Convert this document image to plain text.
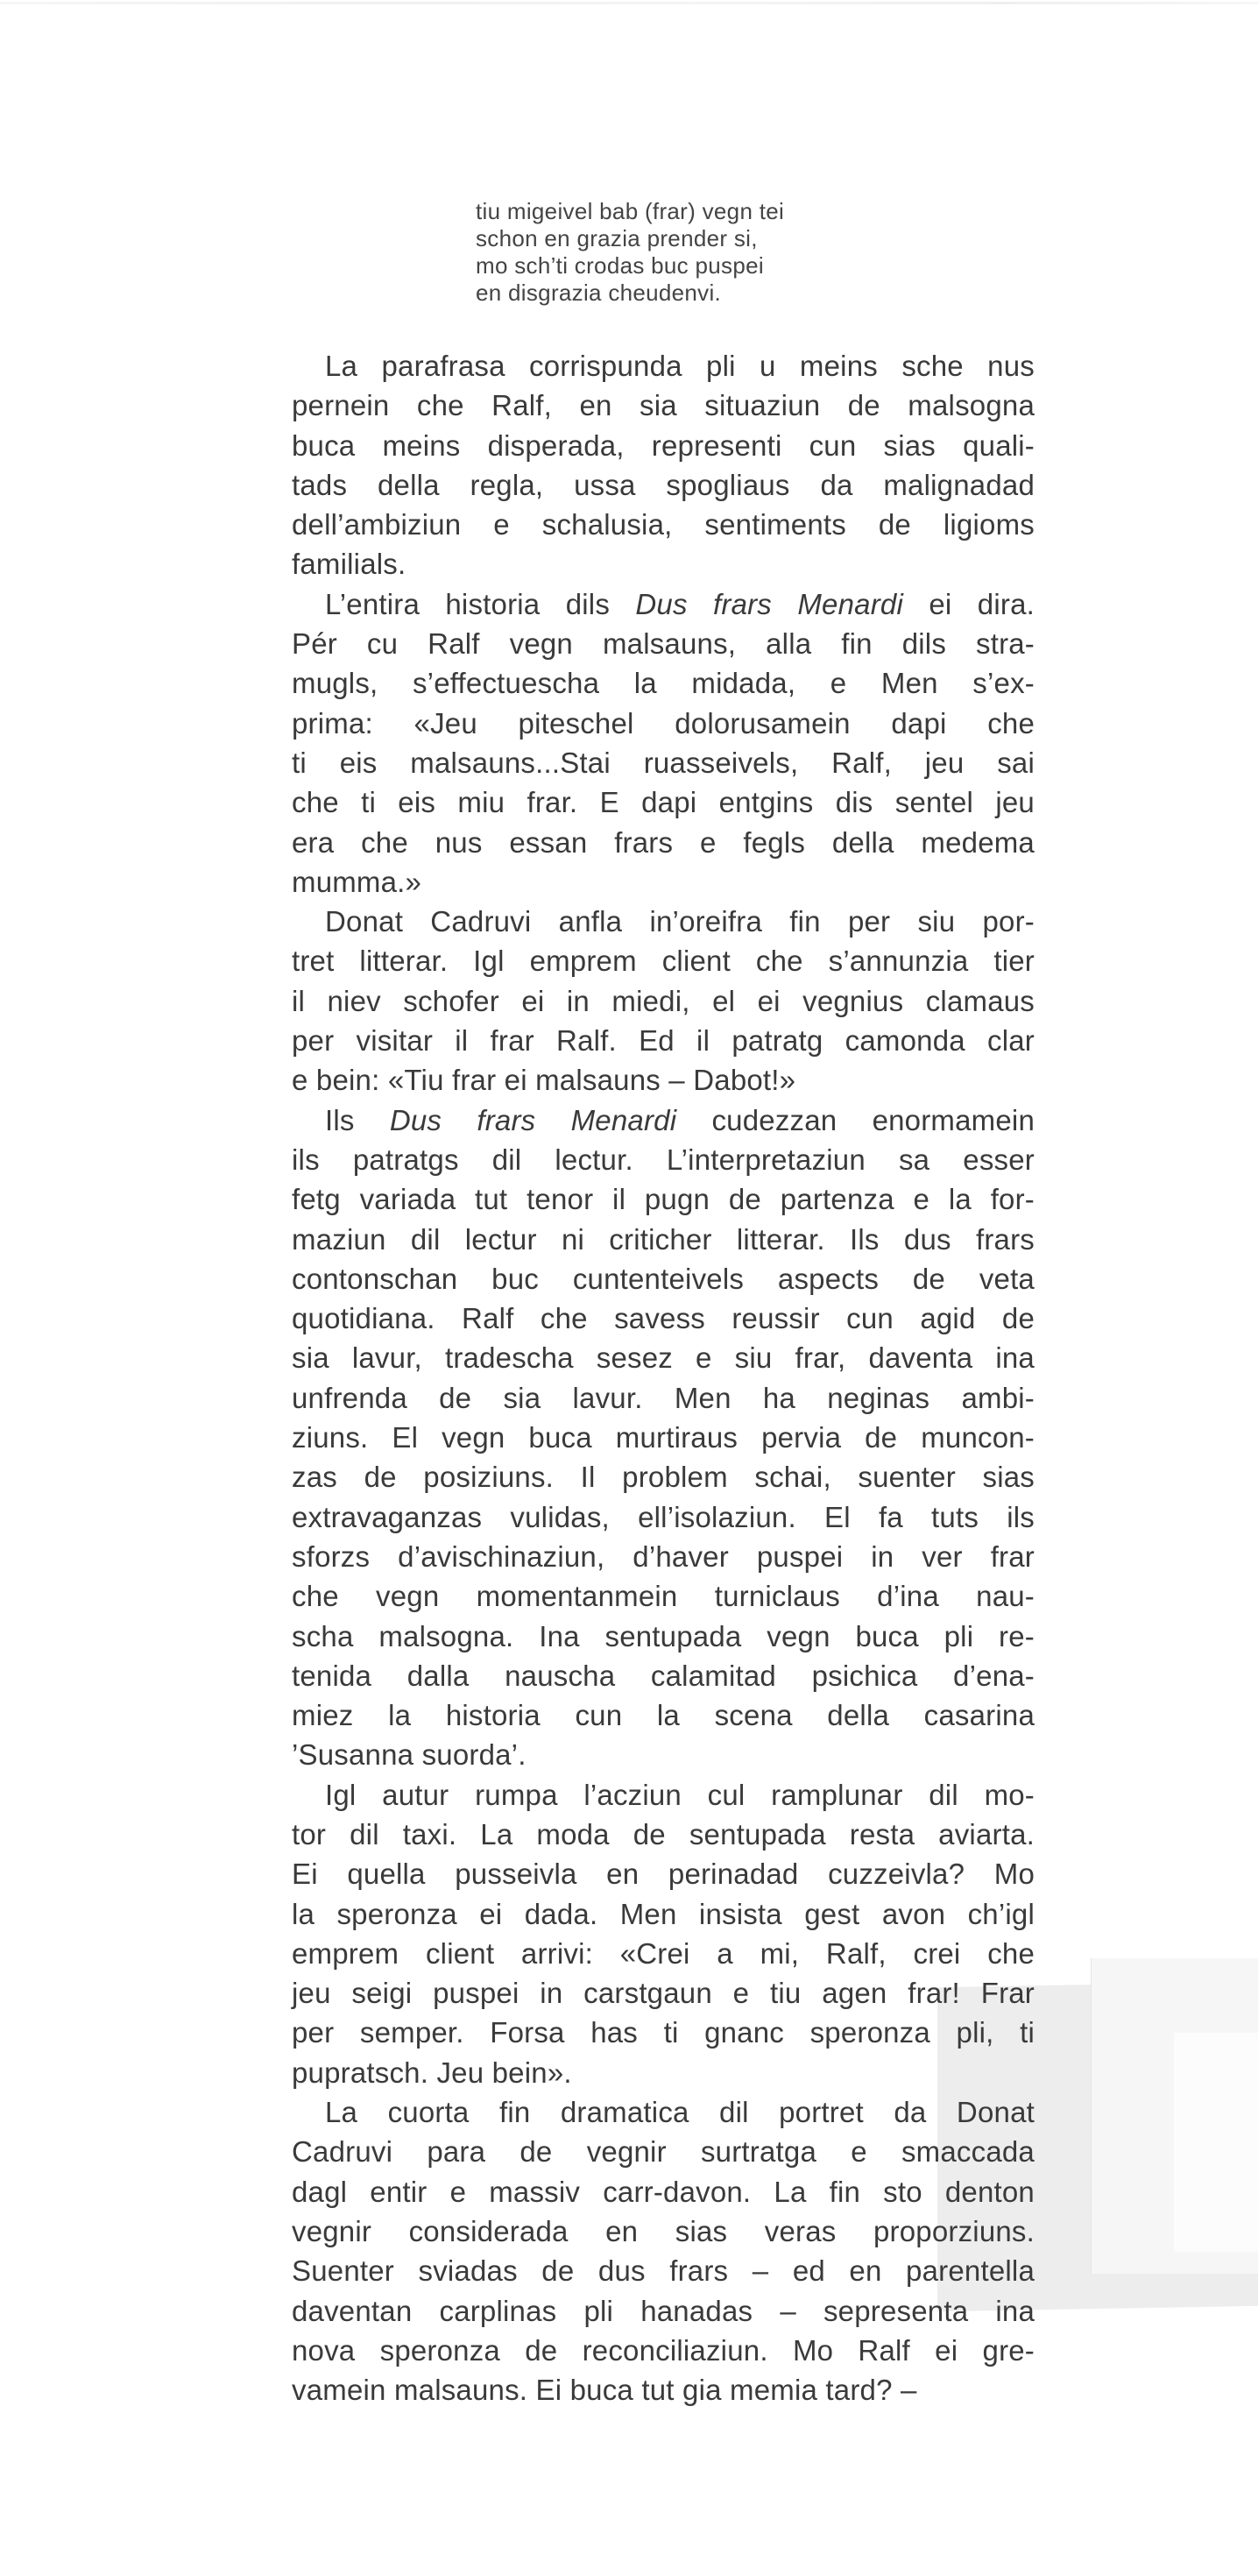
tiu migeivel bab (frar) vegn tei
schon en grazia prender si,
mo sch’ti crodas buc puspei
en disgrazia cheudenvi.
La parafrasa corrispunda pli u meins sche nus
pernein che Ralf, en sia situaziun de malsogna
buca meins disperada, representi cun sias quali-
tads della regla, ussa spogliaus da malignadad
dell’ambiziun e schalusia, sentiments de ligioms
familials.
L’entira historia dils Dus frars Menardi ei dira.
Pér cu Ralf vegn malsauns, alla fin dils stra-
mugls, s’effectuescha la midada, e Men s’ex-
prima: «Jeu piteschel dolorusamein dapi che
ti eis malsauns...Stai ruasseivels, Ralf, jeu sai
che ti eis miu frar. E dapi entgins dis sentel jeu
era che nus essan frars e fegls della medema
mumma.»
Donat Cadruvi anfla in’oreifra fin per siu por-
tret litterar. Igl emprem client che s’annunzia tier
il niev schofer ei in miedi, el ei vegnius clamaus
per visitar il frar Ralf. Ed il patratg camonda clar
e bein: «Tiu frar ei malsauns – Dabot!»
Ils Dus frars Menardi cudezzan enormamein
ils patratgs dil lectur. L’interpretaziun sa esser
fetg variada tut tenor il pugn de partenza e la for-
maziun dil lectur ni criticher litterar. Ils dus frars
contonschan buc cuntenteivels aspects de veta
quotidiana. Ralf che savess reussir cun agid de
sia lavur, tradescha sesez e siu frar, daventa ina
unfrenda de sia lavur. Men ha neginas ambi-
ziuns. El vegn buca murtiraus pervia de muncon-
zas de posiziuns. Il problem schai, suenter sias
extravaganzas vulidas, ell’isolaziun. El fa tuts ils
sforzs d’avischinaziun, d’haver puspei in ver frar
che vegn momentanmein turniclaus d’ina nau-
scha malsogna. Ina sentupada vegn buca pli re-
tenida dalla nauscha calamitad psichica d’ena-
miez la historia cun la scena della casarina
’Susanna suorda’.
Igl autur rumpa l’acziun cul ramplunar dil mo-
tor dil taxi. La moda de sentupada resta aviarta.
Ei quella pusseivla en perinadad cuzzeivla? Mo
la speronza ei dada. Men insista gest avon ch’igl
emprem client arrivi: «Crei a mi, Ralf, crei che
jeu seigi puspei in carstgaun e tiu agen frar! Frar
per semper. Forsa has ti gnanc speronza pli, ti
pupratsch. Jeu bein».
La cuorta fin dramatica dil portret da Donat
Cadruvi para de vegnir surtratga e smaccada
dagl entir e massiv carr-davon. La fin sto denton
vegnir considerada en sias veras proporziuns.
Suenter sviadas de dus frars – ed en parentella
daventan carplinas pli hanadas – sepresenta ina
nova speronza de reconciliaziun. Mo Ralf ei gre-
vamein malsauns. Ei buca tut gia memia tard? –
